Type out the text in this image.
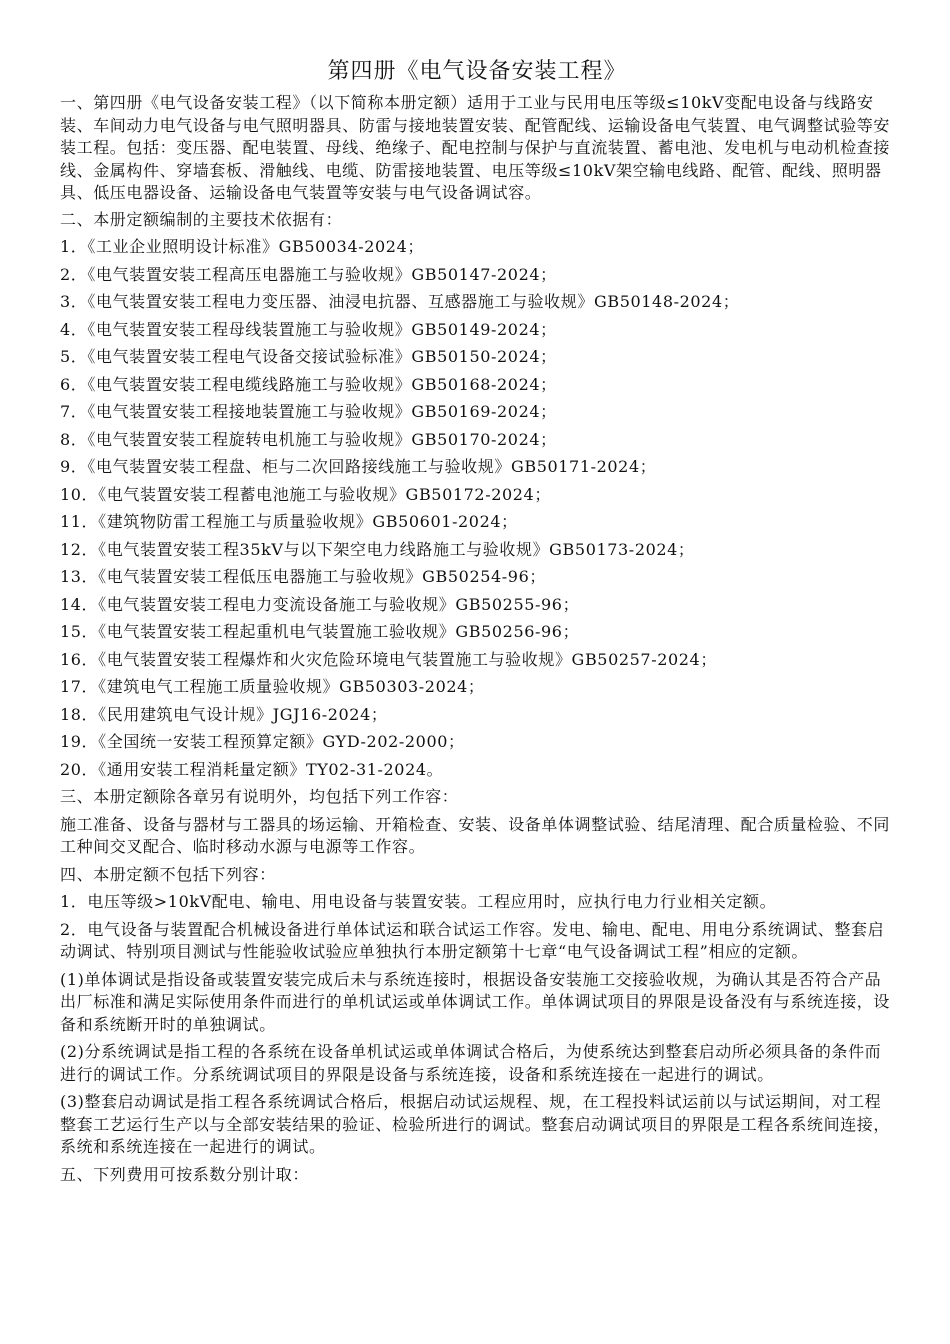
第四册《电气设备安装工程》

一、第四册《电气设备安装工程》（以下简称本册定额）适用于工业与民用电压等级≤10kV变配电设备与线路安装、车间动力电气设备与电气照明器具、防雷与接地装置安装、配管配线、运输设备电气装置、电气调整试验等安装工程。包括：变压器、配电装置、母线、绝缘子、配电控制与保护与直流装置、蓄电池、发电机与电动机检查接线、金属构件、穿墙套板、滑触线、电缆、防雷接地装置、电压等级≤10kV架空输电线路、配管、配线、照明器具、低压电器设备、运输设备电气装置等安装与电气设备调试容。

二、本册定额编制的主要技术依据有：

1．《工业企业照明设计标准》GB50034-2024；
2．《电气装置安装工程高压电器施工与验收规》GB50147-2024；
3．《电气装置安装工程电力变压器、油浸电抗器、互感器施工与验收规》GB50148-2024；
4．《电气装置安装工程母线装置施工与验收规》GB50149-2024；
5．《电气装置安装工程电气设备交接试验标准》GB50150-2024；
6．《电气装置安装工程电缆线路施工与验收规》GB50168-2024；
7．《电气装置安装工程接地装置施工与验收规》GB50169-2024；
8．《电气装置安装工程旋转电机施工与验收规》GB50170-2024；
9．《电气装置安装工程盘、柜与二次回路接线施工与验收规》GB50171-2024；
10．《电气装置安装工程蓄电池施工与验收规》GB50172-2024；
11．《建筑物防雷工程施工与质量验收规》GB50601-2024；
12．《电气装置安装工程35kV与以下架空电力线路施工与验收规》GB50173-2024；
13．《电气装置安装工程低压电器施工与验收规》GB50254-96；
14．《电气装置安装工程电力变流设备施工与验收规》GB50255-96；
15．《电气装置安装工程起重机电气装置施工验收规》GB50256-96；
16．《电气装置安装工程爆炸和火灾危险环境电气装置施工与验收规》GB50257-2024；
17．《建筑电气工程施工质量验收规》GB50303-2024；
18．《民用建筑电气设计规》JGJ16-2024；
19．《全国统一安装工程预算定额》GYD-202-2000；
20．《通用安装工程消耗量定额》TY02-31-2024。

三、本册定额除各章另有说明外，均包括下列工作容：

施工准备、设备与器材与工器具的场运输、开箱检查、安装、设备单体调整试验、结尾清理、配合质量检验、不同工种间交叉配合、临时移动水源与电源等工作容。

四、本册定额不包括下列容：

1．电压等级>10kV配电、输电、用电设备与装置安装。工程应用时，应执行电力行业相关定额。

2．电气设备与装置配合机械设备进行单体试运和联合试运工作容。发电、输电、配电、用电分系统调试、整套启动调试、特别项目测试与性能验收试验应单独执行本册定额第十七章“电气设备调试工程”相应的定额。

(1)单体调试是指设备或装置安装完成后未与系统连接时，根据设备安装施工交接验收规，为确认其是否符合产品出厂标准和满足实际使用条件而进行的单机试运或单体调试工作。单体调试项目的界限是设备没有与系统连接，设备和系统断开时的单独调试。

(2)分系统调试是指工程的各系统在设备单机试运或单体调试合格后，为使系统达到整套启动所必须具备的条件而进行的调试工作。分系统调试项目的界限是设备与系统连接，设备和系统连接在一起进行的调试。

(3)整套启动调试是指工程各系统调试合格后，根据启动试运规程、规，在工程投料试运前以与试运期间，对工程整套工艺运行生产以与全部安装结果的验证、检验所进行的调试。整套启动调试项目的界限是工程各系统间连接，系统和系统连接在一起进行的调试。

五、下列费用可按系数分别计取：
